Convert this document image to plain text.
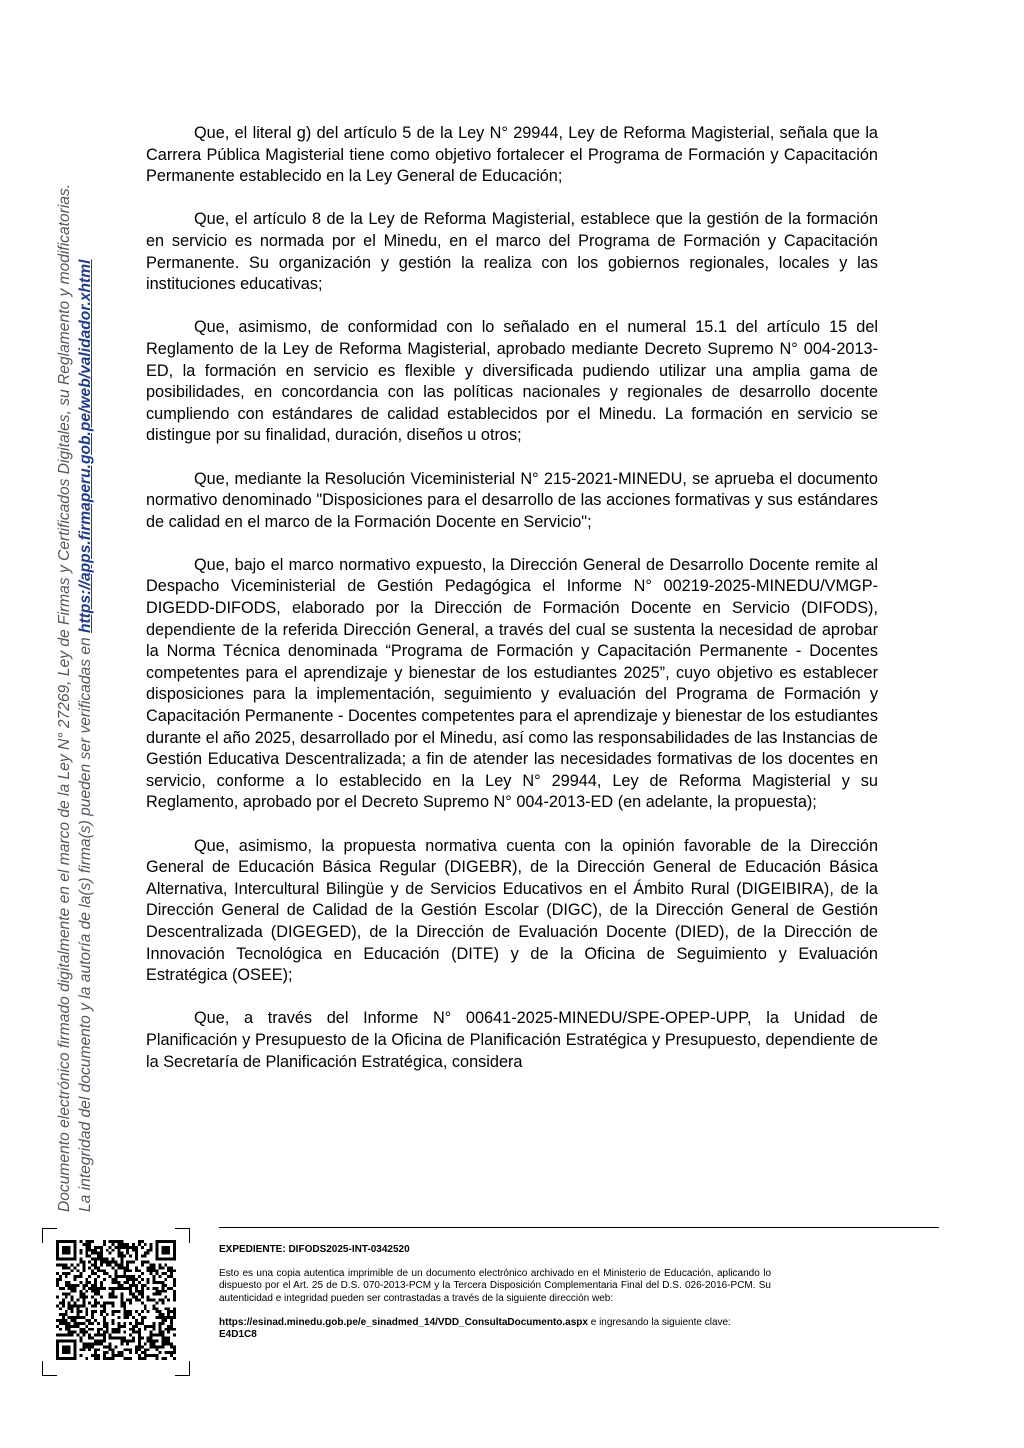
Documento electrónico firmado digitalmente en el marco de la Ley N° 27269, Ley de Firmas y Certificados Digitales, su Reglamento y modificatorias. La integridad del documento y la autoría de la(s) firma(s) pueden ser verificadas en https://apps.firmaperu.gob.pe/web/validador.xhtml

Que, el literal g) del artículo 5 de la Ley N° 29944, Ley de Reforma Magisterial, señala que la Carrera Pública Magisterial tiene como objetivo fortalecer el Programa de Formación y Capacitación Permanente establecido en la Ley General de Educación;

Que, el artículo 8 de la Ley de Reforma Magisterial, establece que la gestión de la formación en servicio es normada por el Minedu, en el marco del Programa de Formación y Capacitación Permanente. Su organización y gestión la realiza con los gobiernos regionales, locales y las instituciones educativas;

Que, asimismo, de conformidad con lo señalado en el numeral 15.1 del artículo 15 del Reglamento de la Ley de Reforma Magisterial, aprobado mediante Decreto Supremo N° 004-2013-ED, la formación en servicio es flexible y diversificada pudiendo utilizar una amplia gama de posibilidades, en concordancia con las políticas nacionales y regionales de desarrollo docente cumpliendo con estándares de calidad establecidos por el Minedu. La formación en servicio se distingue por su finalidad, duración, diseños u otros;

Que, mediante la Resolución Viceministerial N° 215-2021-MINEDU, se aprueba el documento normativo denominado "Disposiciones para el desarrollo de las acciones formativas y sus estándares de calidad en el marco de la Formación Docente en Servicio";

Que, bajo el marco normativo expuesto, la Dirección General de Desarrollo Docente remite al Despacho Viceministerial de Gestión Pedagógica el Informe N° 00219-2025-MINEDU/VMGP-DIGEDD-DIFODS, elaborado por la Dirección de Formación Docente en Servicio (DIFODS), dependiente de la referida Dirección General, a través del cual se sustenta la necesidad de aprobar la Norma Técnica denominada “Programa de Formación y Capacitación Permanente - Docentes competentes para el aprendizaje y bienestar de los estudiantes 2025”, cuyo objetivo es establecer disposiciones para la implementación, seguimiento y evaluación del Programa de Formación y Capacitación Permanente - Docentes competentes para el aprendizaje y bienestar de los estudiantes durante el año 2025, desarrollado por el Minedu, así como las responsabilidades de las Instancias de Gestión Educativa Descentralizada; a fin de atender las necesidades formativas de los docentes en servicio, conforme a lo establecido en la Ley N° 29944, Ley de Reforma Magisterial y su Reglamento, aprobado por el Decreto Supremo N° 004-2013-ED (en adelante, la propuesta);

Que, asimismo, la propuesta normativa cuenta con la opinión favorable de la Dirección General de Educación Básica Regular (DIGEBR), de la Dirección General de Educación Básica Alternativa, Intercultural Bilingüe y de Servicios Educativos en el Ámbito Rural (DIGEIBIRA), de la Dirección General de Calidad de la Gestión Escolar (DIGC), de la Dirección General de Gestión Descentralizada (DIGEGED), de la Dirección de Evaluación Docente (DIED), de la Dirección de Innovación Tecnológica en Educación (DITE) y de la Oficina de Seguimiento y Evaluación Estratégica (OSEE);

Que, a través del Informe N° 00641-2025-MINEDU/SPE-OPEP-UPP, la Unidad de Planificación y Presupuesto de la Oficina de Planificación Estratégica y Presupuesto, dependiente de la Secretaría de Planificación Estratégica, considera

EXPEDIENTE: DIFODS2025-INT-0342520

Esto es una copia autentica imprimible de un documento electrónico archivado en el Ministerio de Educación, aplicando lo dispuesto por el Art. 25 de D.S. 070-2013-PCM y la Tercera Disposición Complementaria Final del D.S. 026-2016-PCM. Su autenticidad e integridad pueden ser contrastadas a través de la siguiente dirección web:

https://esinad.minedu.gob.pe/e_sinadmed_14/VDD_ConsultaDocumento.aspx e ingresando la siguiente clave: E4D1C8
